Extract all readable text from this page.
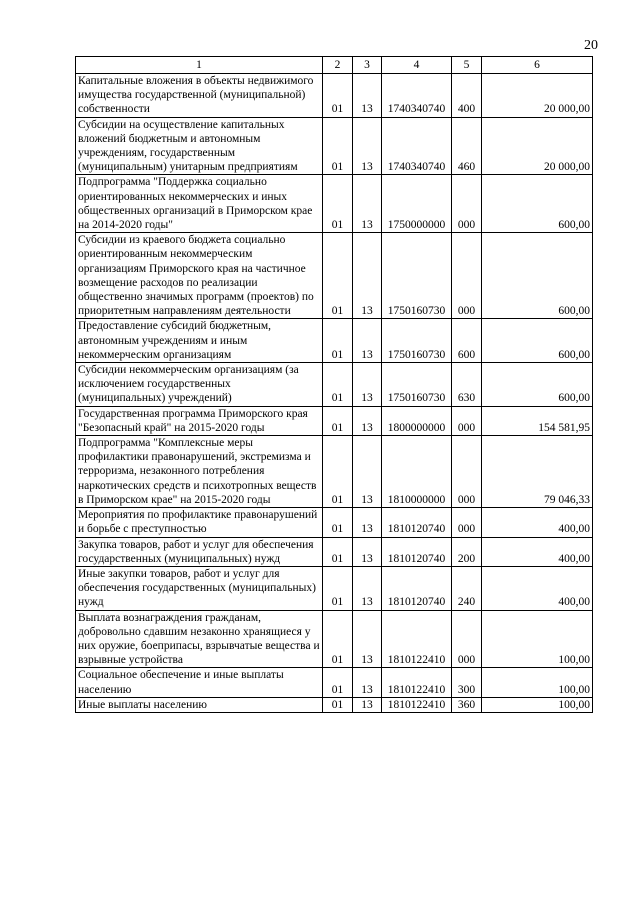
20
1	2	3	4	5	6
Капитальные вложения в объекты недвижимого имущества государственной (муниципальной) собственности	01	13	1740340740	400	20 000,00
Субсидии на осуществление капитальных вложений бюджетным и автономным учреждениям, государственным (муниципальным) унитарным предприятиям	01	13	1740340740	460	20 000,00
Подпрограмма "Поддержка социально ориентированных некоммерческих и иных общественных организаций в Приморском крае на 2014-2020 годы"	01	13	1750000000	000	600,00
Субсидии из краевого бюджета социально ориентированным некоммерческим организациям Приморского края на частичное возмещение расходов по реализации общественно значимых программ (проектов) по приоритетным направлениям деятельности	01	13	1750160730	000	600,00
Предоставление субсидий бюджетным, автономным учреждениям и иным некоммерческим организациям	01	13	1750160730	600	600,00
Субсидии некоммерческим организациям (за исключением государственных (муниципальных) учреждений)	01	13	1750160730	630	600,00
Государственная программа Приморского края "Безопасный край" на 2015-2020 годы	01	13	1800000000	000	154 581,95
Подпрограмма "Комплексные меры профилактики правонарушений, экстремизма и терроризма, незаконного потребления наркотических средств и психотропных веществ в Приморском крае" на 2015-2020 годы	01	13	1810000000	000	79 046,33
Мероприятия по профилактике правонарушений и борьбе с преступностью	01	13	1810120740	000	400,00
Закупка товаров, работ и услуг для обеспечения государственных (муниципальных) нужд	01	13	1810120740	200	400,00
Иные закупки товаров, работ и услуг для обеспечения государственных (муниципальных) нужд	01	13	1810120740	240	400,00
Выплата вознаграждения гражданам, добровольно сдавшим незаконно хранящиеся у них оружие, боеприпасы, взрывчатые вещества и взрывные устройства	01	13	1810122410	000	100,00
Социальное обеспечение и иные выплаты населению	01	13	1810122410	300	100,00
Иные выплаты населению	01	13	1810122410	360	100,00
